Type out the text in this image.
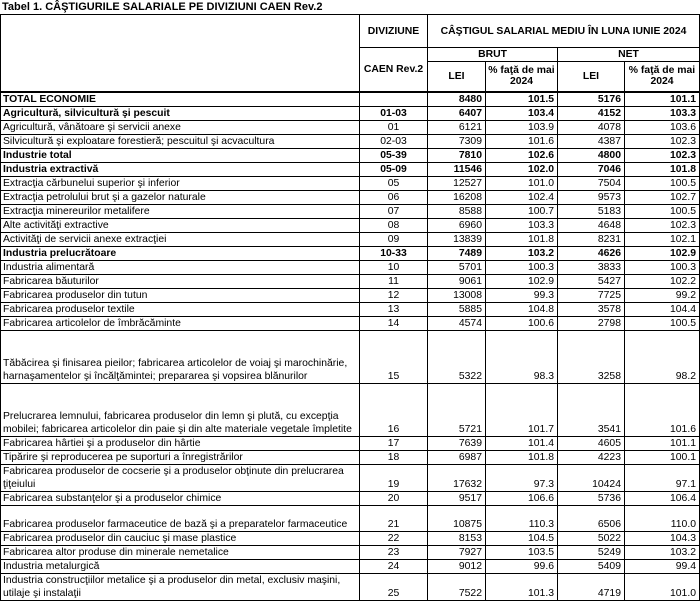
Tabel 1. CÂŞTIGURILE SALARIALE PE DIVIZIUNI CAEN Rev.2
	DIVIZIUNE	CÂŞTIGUL SALARIAL MEDIU ÎN LUNA IUNIE 2024			
	CAEN Rev.2	BRUT		NET	
		LEI	% faţă de mai 2024	LEI	% faţă de mai 2024
TOTAL ECONOMIE		8480	101.5	5176	101.1
Agricultură, silvicultură şi pescuit	01-03	6407	103.4	4152	103.3
Agricultură, vânătoare şi servicii anexe	01	6121	103.9	4078	103.6
Silvicultură şi exploatare forestieră; pescuitul şi acvacultura	02-03	7309	101.6	4387	102.3
Industrie total	05-39	7810	102.6	4800	102.3
Industria extractivă	05-09	11546	102.0	7046	101.8
Extracţia cărbunelui superior şi inferior	05	12527	101.0	7504	100.5
Extracţia petrolului brut şi a gazelor naturale	06	16208	102.4	9573	102.7
Extracţia minereurilor metalifere	07	8588	100.7	5183	100.5
Alte activităţi extractive	08	6960	103.3	4648	102.3
Activităţi de servicii anexe extracţiei	09	13839	101.8	8231	102.1
Industria prelucrătoare	10-33	7489	103.2	4626	102.9
Industria alimentară	10	5701	100.3	3833	100.3
Fabricarea băuturilor	11	9061	102.9	5427	102.2
Fabricarea produselor din tutun	12	13008	99.3	7725	99.2
Fabricarea produselor textile	13	5885	104.8	3578	104.4
Fabricarea articolelor de îmbrăcăminte	14	4574	100.6	2798	100.5
Tăbăcirea şi finisarea pieilor; fabricarea articolelor de voiaj şi marochinărie, harnaşamentelor şi încălţămintei; prepararea şi vopsirea blănurilor	15	5322	98.3	3258	98.2
Prelucrarea lemnului, fabricarea produselor din lemn şi plută, cu excepţia mobilei; fabricarea articolelor din paie şi din alte materiale vegetale împletite	16	5721	101.7	3541	101.6
Fabricarea hârtiei şi a produselor din hârtie	17	7639	101.4	4605	101.1
Tipărire şi reproducerea pe suporturi a înregistrărilor	18	6987	101.8	4223	100.1
Fabricarea produselor de cocserie şi a produselor obţinute din prelucrarea ţiţeiului	19	17632	97.3	10424	97.1
Fabricarea substanţelor şi a produselor chimice	20	9517	106.6	5736	106.4
Fabricarea produselor farmaceutice de bază şi a preparatelor farmaceutice	21	10875	110.3	6506	110.0
Fabricarea produselor din cauciuc şi mase plastice	22	8153	104.5	5022	104.3
Fabricarea altor produse din minerale nemetalice	23	7927	103.5	5249	103.2
Industria metalurgică	24	9012	99.6	5409	99.4
Industria construcţiilor metalice şi a produselor din metal, exclusiv maşini, utilaje şi instalaţii	25	7522	101.3	4719	101.0
